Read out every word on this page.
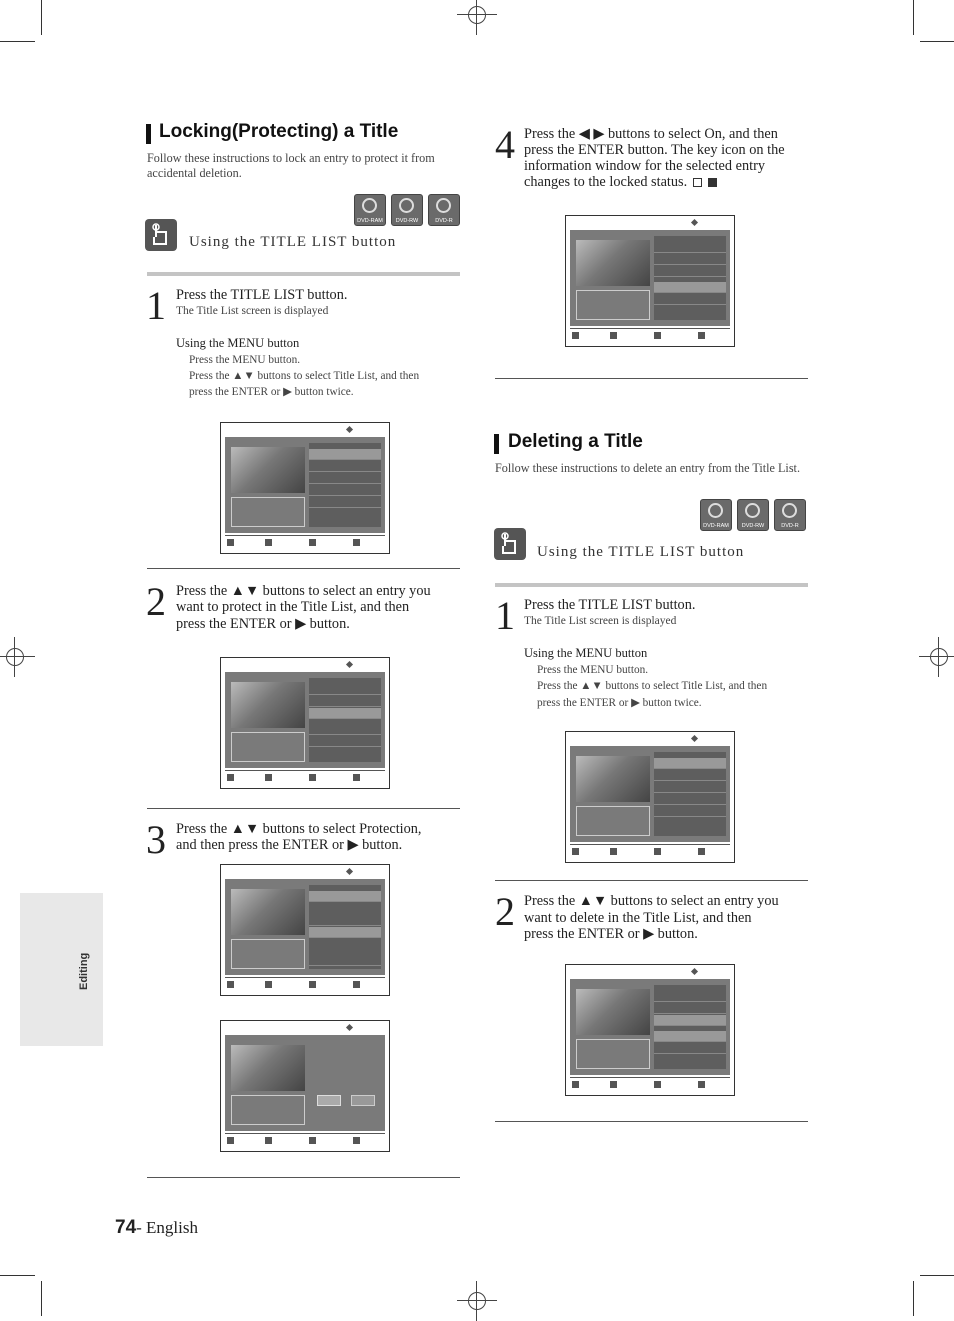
Locking(Protecting) a Title
Follow these instructions to lock an entry to protect it from accidental deletion.
DVD-RAM	DVD-RW	DVD-R
Using the TITLE LIST button
1 Press the TITLE LIST button.
The Title List screen is displayed
Using the MENU button
Press the MENU button.
Press the ▲▼ buttons to select Title List, and then
press the ENTER or ▶ button twice.
2 Press the ▲▼ buttons to select an entry you
want to protect in the Title List, and then
press the ENTER or ▶ button.
3 Press the ▲▼ buttons to select Protection,
and then press the ENTER or ▶ button.
4 Press the ◀ ▶ buttons to select On, and then
press the ENTER button. The key icon on the
information window for the selected entry
changes to the locked status.
Deleting a Title
Follow these instructions to delete an entry from the Title List.
DVD-RAM	DVD-RW	DVD-R
Using the TITLE LIST button
1 Press the TITLE LIST button.
The Title List screen is displayed
Using the MENU button
Press the MENU button.
Press the ▲▼ buttons to select Title List, and then
press the ENTER or ▶ button twice.
2 Press the ▲▼ buttons to select an entry you
want to delete in the Title List, and then
press the ENTER or ▶ button.
Editing
74- English
